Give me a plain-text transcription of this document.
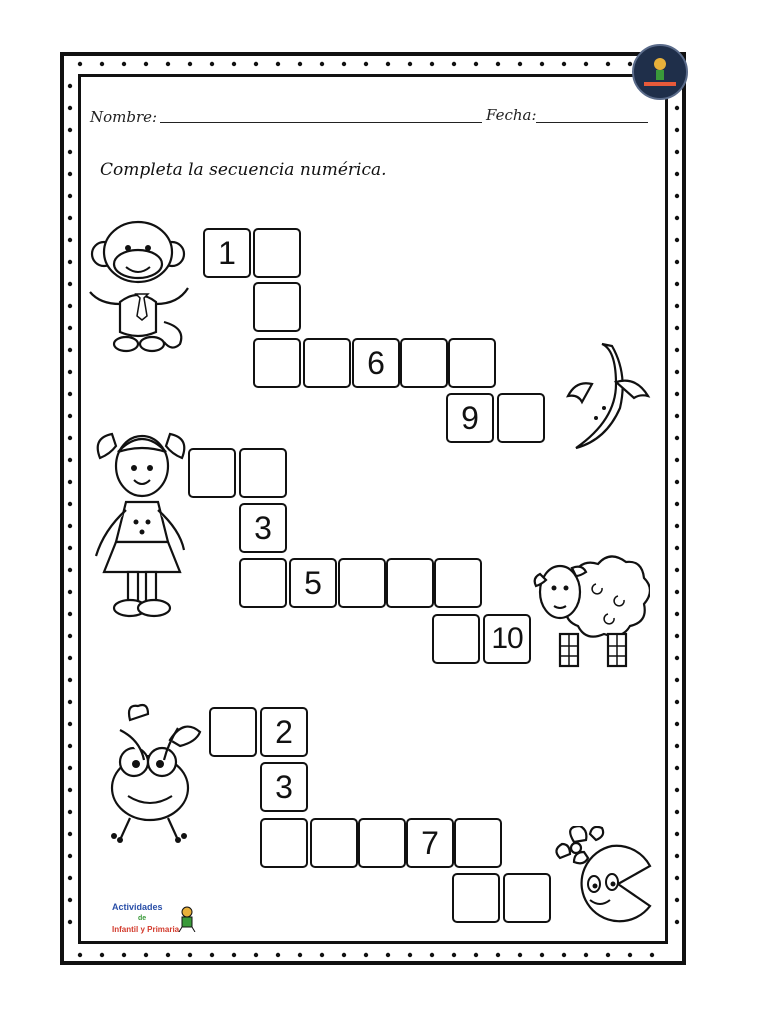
Nombre:	Fecha:
Completa la secuencia numérica.
1
6
9
3
5
10
2
3
7
Actividades
de
Infantil y Primaria
